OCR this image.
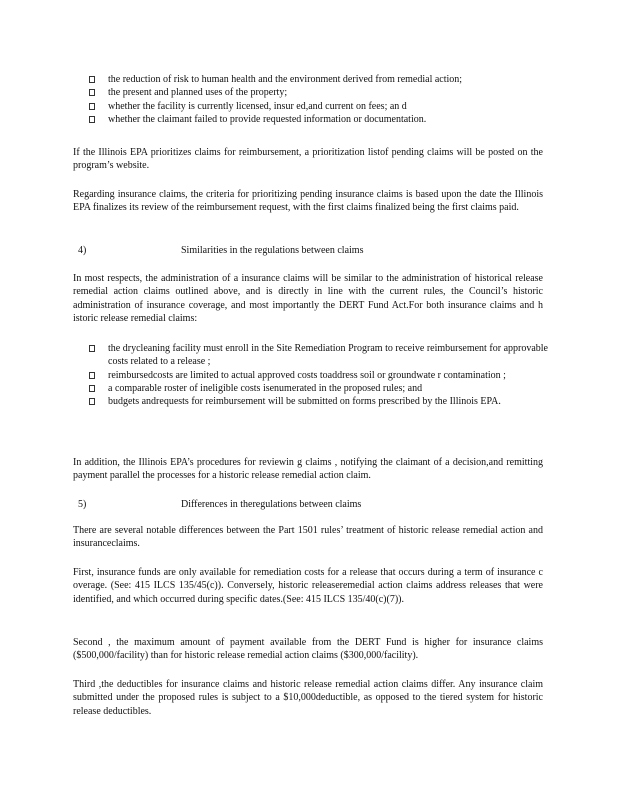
the reduction of risk to human health and the environment derived from remedial action;
the present and planned uses of the property;
whether the facility is currently licensed, insur ed,and current on fees; an d
whether the claimant failed to provide requested information or documentation.

If the Illinois EPA prioritizes claims for reimbursement, a prioritization listof pending claims will be posted on the program’s website.

Regarding insurance claims, the criteria for prioritizing pending insurance claims is based upon the date the Illinois EPA finalizes its review of the reimbursement request, with the first claims finalized being the first claims paid.

4)	Similarities in the regulations between claims

In most respects, the administration of a insurance claims will be similar to the administration of historical release remedial action claims outlined above, and is directly in line with the current rules, the Council’s historic administration of insurance coverage, and most importantly the DERT Fund Act.For both insurance claims and h istoric release remedial claims:

the drycleaning facility must enroll in the Site Remediation Program to receive reimbursement for approvable costs related to a release ;
reimbursedcosts are limited to actual approved costs toaddress soil or groundwate r contamination ;
a comparable roster of ineligible costs isenumerated in the proposed rules; and
budgets andrequests for reimbursement will be submitted on forms prescribed by the Illinois EPA.

In addition, the Illinois EPA’s procedures for reviewin g claims , notifying the claimant of a decision,and remitting payment parallel the processes for a historic release remedial action claim.

5)	Differences in theregulations between claims

There are several notable differences between the Part 1501 rules’ treatment of historic release remedial action and insuranceclaims.

First, insurance funds are only available for remediation costs for a release that occurs during a term of insurance c overage. (See: 415 ILCS 135/45(c)). Conversely, historic releaseremedial action claims address releases that were identified, and which occurred during specific dates.(See: 415 ILCS 135/40(c)(7)).

Second , the maximum amount of payment available from the DERT Fund is higher for insurance claims ($500,000/facility) than for historic release remedial action claims ($300,000/facility).

Third ,the deductibles for insurance claims and historic release remedial action claims differ. Any insurance claim submitted under the proposed rules is subject to a $10,000deductible, as opposed to the tiered system for historic release deductibles.
